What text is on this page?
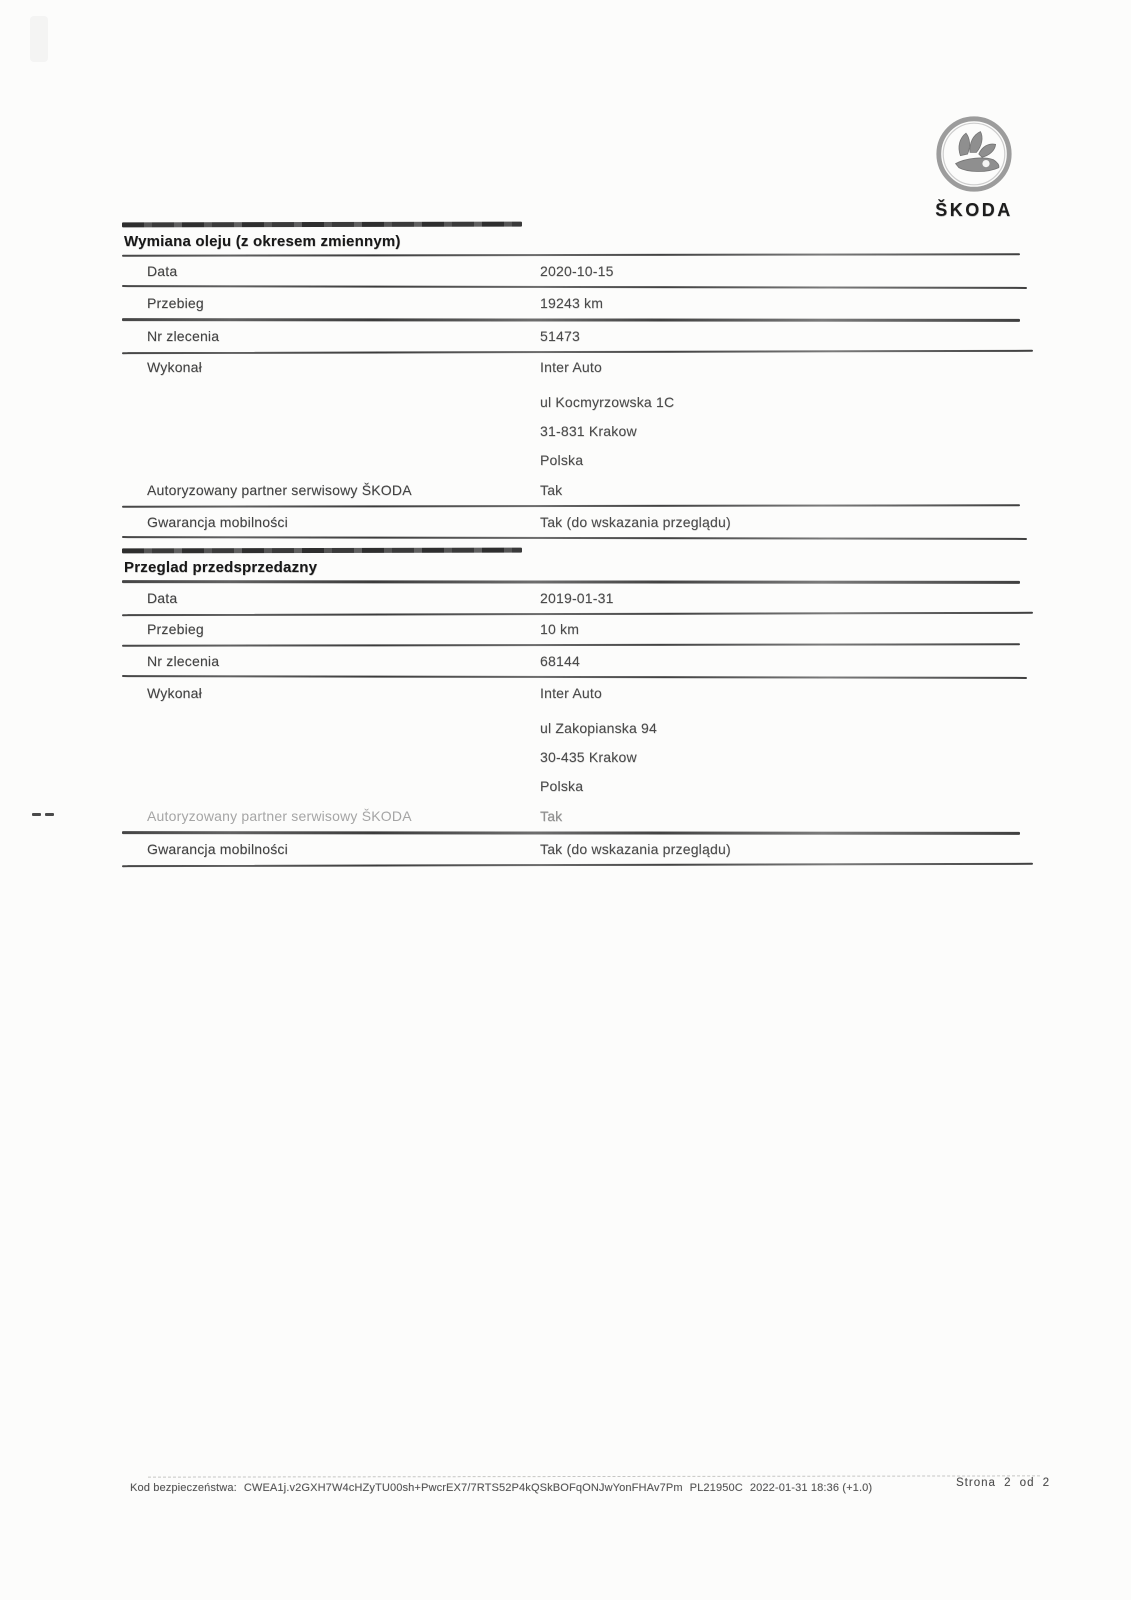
ŠKODA
Wymiana oleju (z okresem zmiennym)
Data	2020-10-15
Przebieg	19243 km
Nr zlecenia	51473
Wykonał	Inter Auto
ul Kocmyrzowska 1C
31-831 Krakow
Polska
Autoryzowany partner serwisowy ŠKODA	Tak
Gwarancja mobilności	Tak (do wskazania przeglądu)
Przeglad przedsprzedazny
Data	2019-01-31
Przebieg	10 km
Nr zlecenia	68144
Wykonał	Inter Auto
ul Zakopianska 94
30-435 Krakow
Polska
Autoryzowany partner serwisowy ŠKODA	Tak
Gwarancja mobilności	Tak (do wskazania przeglądu)
Kod bezpieczeństwa: CWEA1j.v2GXH7W4cHZyTU00sh+PwcrEX7/7RTS52P4kQSkBOFqONJwYonFHAv7Pm PL21950C 2022-01-31 18:36 (+1.0)	Strona 2 od 2
